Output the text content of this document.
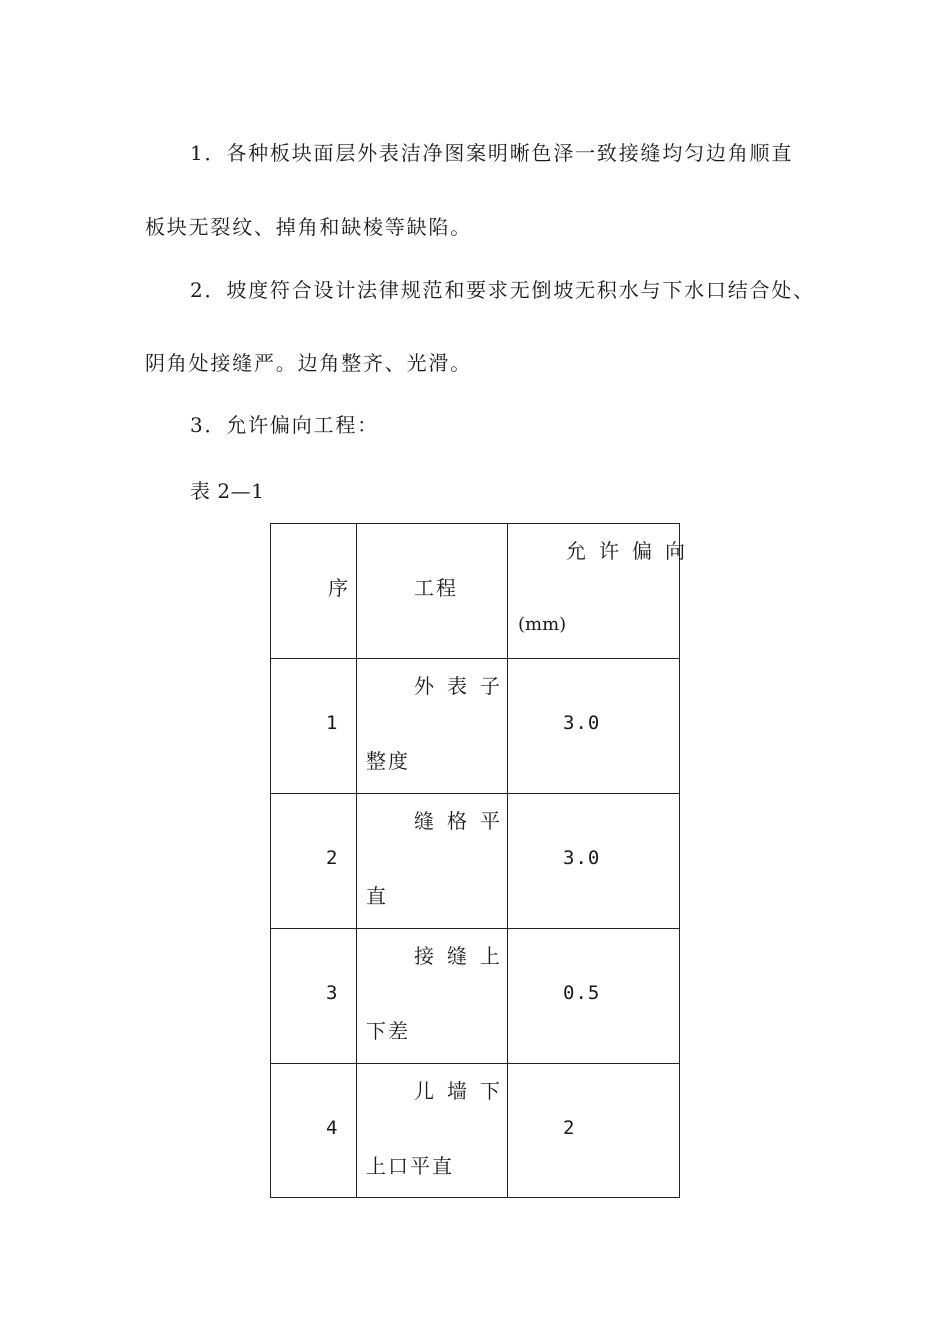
1．各种板块面层外表洁净图案明晰色泽一致接缝均匀边角顺直

板块无裂纹、掉角和缺棱等缺陷。

2．坡度符合设计法律规范和要求无倒坡无积水与下水口结合处、

阴角处接缝严。边角整齐、光滑。

3．允许偏向工程：

表 2—1

序	工程
允许偏向
(mm)
1
外表子
整度
3.0
2
缝格平
直
3.0
3
接缝上
下差
0.5
4
儿墙下
上口平直
2
